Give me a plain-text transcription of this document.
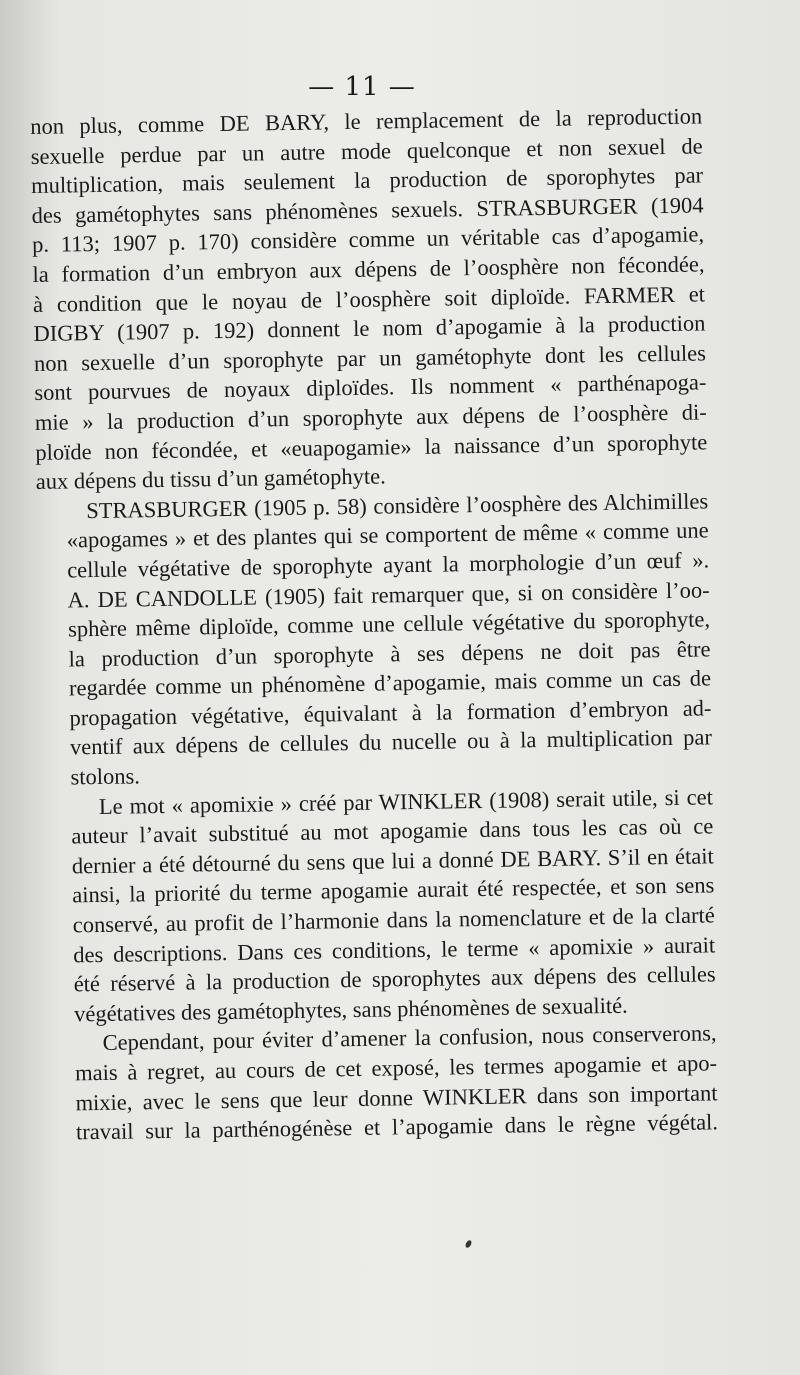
— 11 —

non plus, comme DE BARY, le remplacement de la reproduction
sexuelle perdue par un autre mode quelconque et non sexuel de
multiplication, mais seulement la production de sporophytes par
des gamétophytes sans phénomènes sexuels. STRASBURGER (1904
p. 113; 1907 p. 170) considère comme un véritable cas d’apogamie,
la formation d’un embryon aux dépens de l’oosphère non fécondée,
à condition que le noyau de l’oosphère soit diploïde. FARMER et
DIGBY (1907 p. 192) donnent le nom d’apogamie à la production
non sexuelle d’un sporophyte par un gamétophyte dont les cellules
sont pourvues de noyaux diploïdes. Ils nomment « parthénapoga-
mie » la production d’un sporophyte aux dépens de l’oosphère di-
ploïde non fécondée, et «euapogamie» la naissance d’un sporophyte
aux dépens du tissu d’un gamétophyte.

STRASBURGER (1905 p. 58) considère l’oosphère des Alchimilles
«apogames » et des plantes qui se comportent de même « comme une
cellule végétative de sporophyte ayant la morphologie d’un œuf ».
A. DE CANDOLLE (1905) fait remarquer que, si on considère l’oo-
sphère même diploïde, comme une cellule végétative du sporophyte,
la production d’un sporophyte à ses dépens ne doit pas être
regardée comme un phénomène d’apogamie, mais comme un cas de
propagation végétative, équivalant à la formation d’embryon ad-
ventif aux dépens de cellules du nucelle ou à la multiplication par
stolons.

Le mot « apomixie » créé par WINKLER (1908) serait utile, si cet
auteur l’avait substitué au mot apogamie dans tous les cas où ce
dernier a été détourné du sens que lui a donné DE BARY. S’il en était
ainsi, la priorité du terme apogamie aurait été respectée, et son sens
conservé, au profit de l’harmonie dans la nomenclature et de la clarté
des descriptions. Dans ces conditions, le terme « apomixie » aurait
été réservé à la production de sporophytes aux dépens des cellules
végétatives des gamétophytes, sans phénomènes de sexualité.

Cependant, pour éviter d’amener la confusion, nous conserverons,
mais à regret, au cours de cet exposé, les termes apogamie et apo-
mixie, avec le sens que leur donne WINKLER dans son important
travail sur la parthénogénèse et l’apogamie dans le règne végétal.
